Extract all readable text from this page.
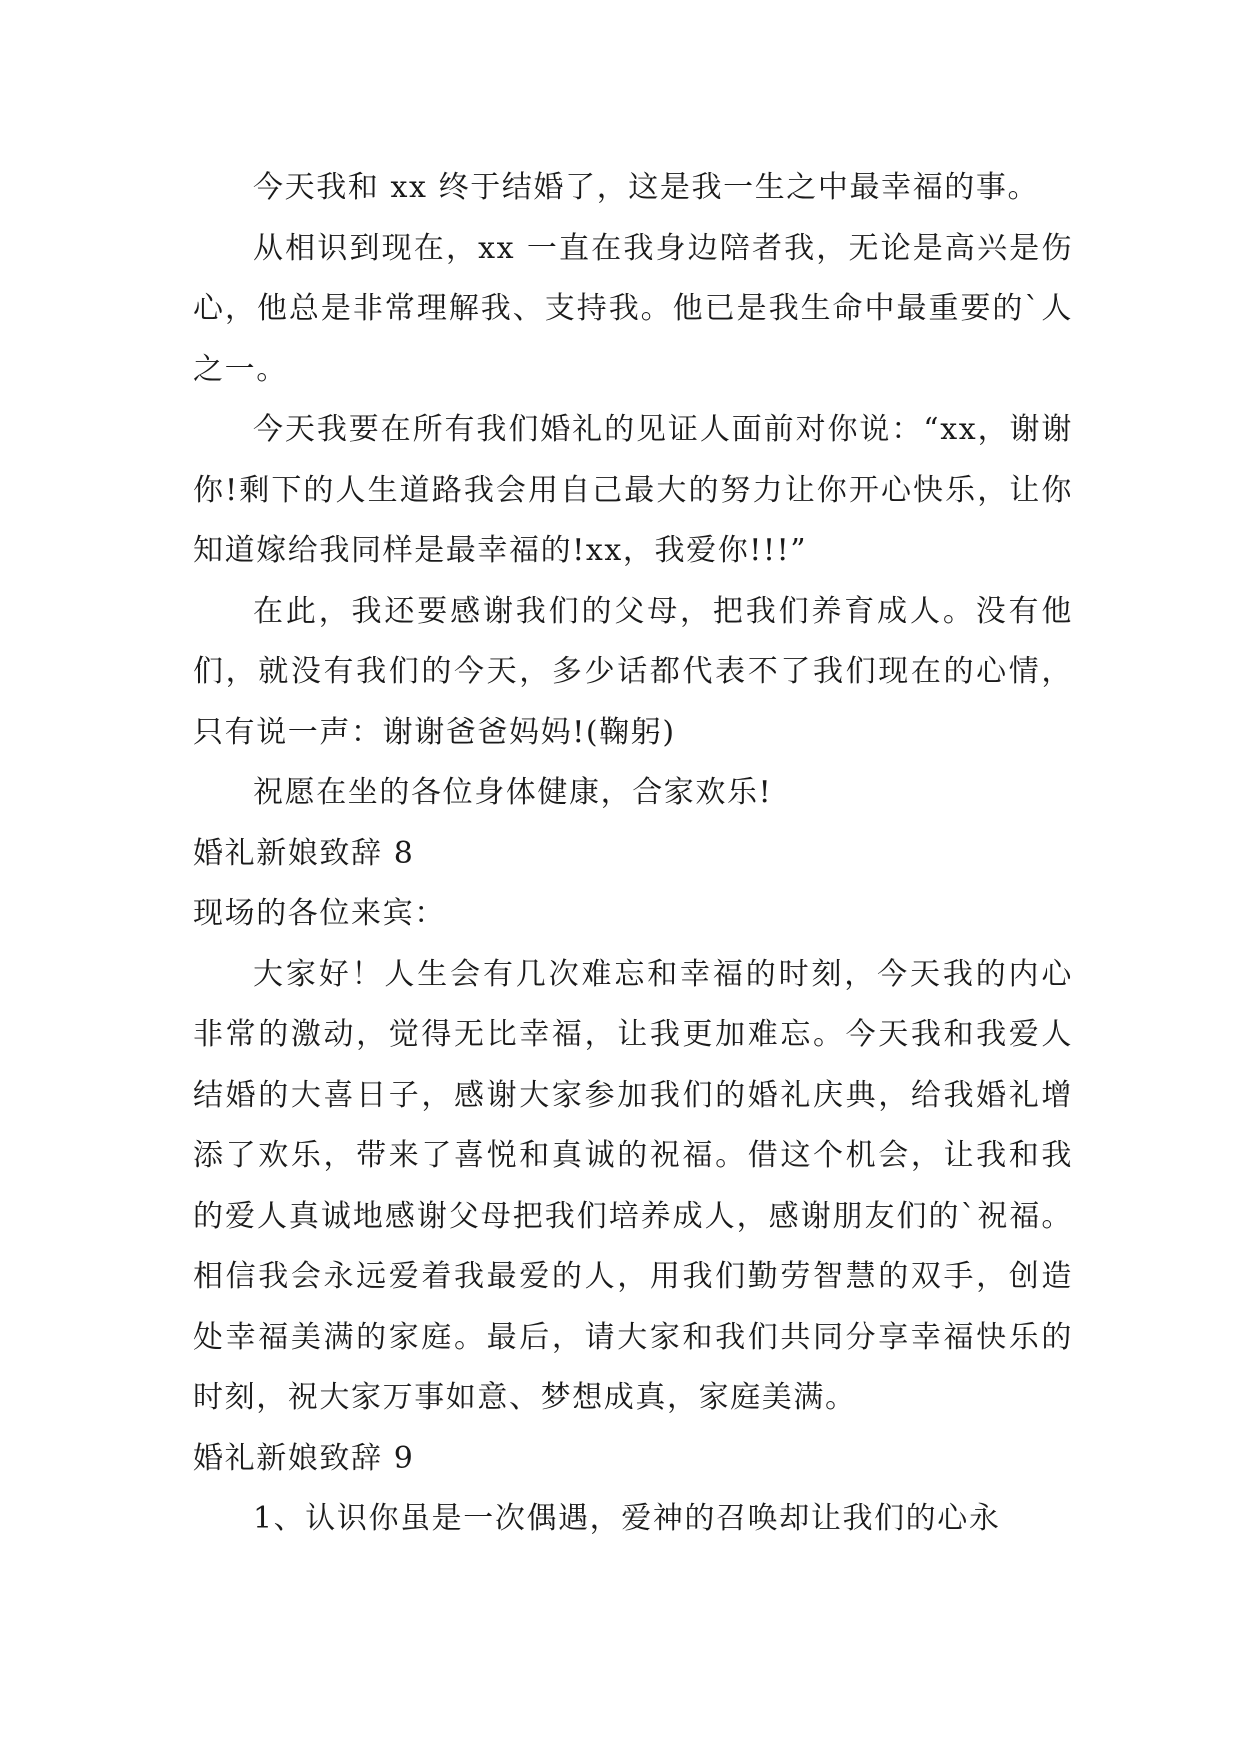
今天我和 xx 终于结婚了，这是我一生之中最幸福的事。

从相识到现在，xx 一直在我身边陪者我，无论是高兴是伤心，他总是非常理解我、支持我。他已是我生命中最重要的`人之一。

今天我要在所有我们婚礼的见证人面前对你说：“xx，谢谢你!剩下的人生道路我会用自己最大的努力让你开心快乐，让你知道嫁给我同样是最幸福的!xx，我爱你!!!”

在此，我还要感谢我们的父母，把我们养育成人。没有他们，就没有我们的今天，多少话都代表不了我们现在的心情，只有说一声：谢谢爸爸妈妈!(鞠躬)

祝愿在坐的各位身体健康，合家欢乐!

婚礼新娘致辞 8

现场的各位来宾：

大家好！人生会有几次难忘和幸福的时刻，今天我的内心非常的激动，觉得无比幸福，让我更加难忘。今天我和我爱人结婚的大喜日子，感谢大家参加我们的婚礼庆典，给我婚礼增添了欢乐，带来了喜悦和真诚的祝福。借这个机会，让我和我的爱人真诚地感谢父母把我们培养成人，感谢朋友们的`祝福。相信我会永远爱着我最爱的人，用我们勤劳智慧的双手，创造处幸福美满的家庭。最后，请大家和我们共同分享幸福快乐的时刻，祝大家万事如意、梦想成真，家庭美满。

婚礼新娘致辞 9

1、认识你虽是一次偶遇，爱神的召唤却让我们的心永
